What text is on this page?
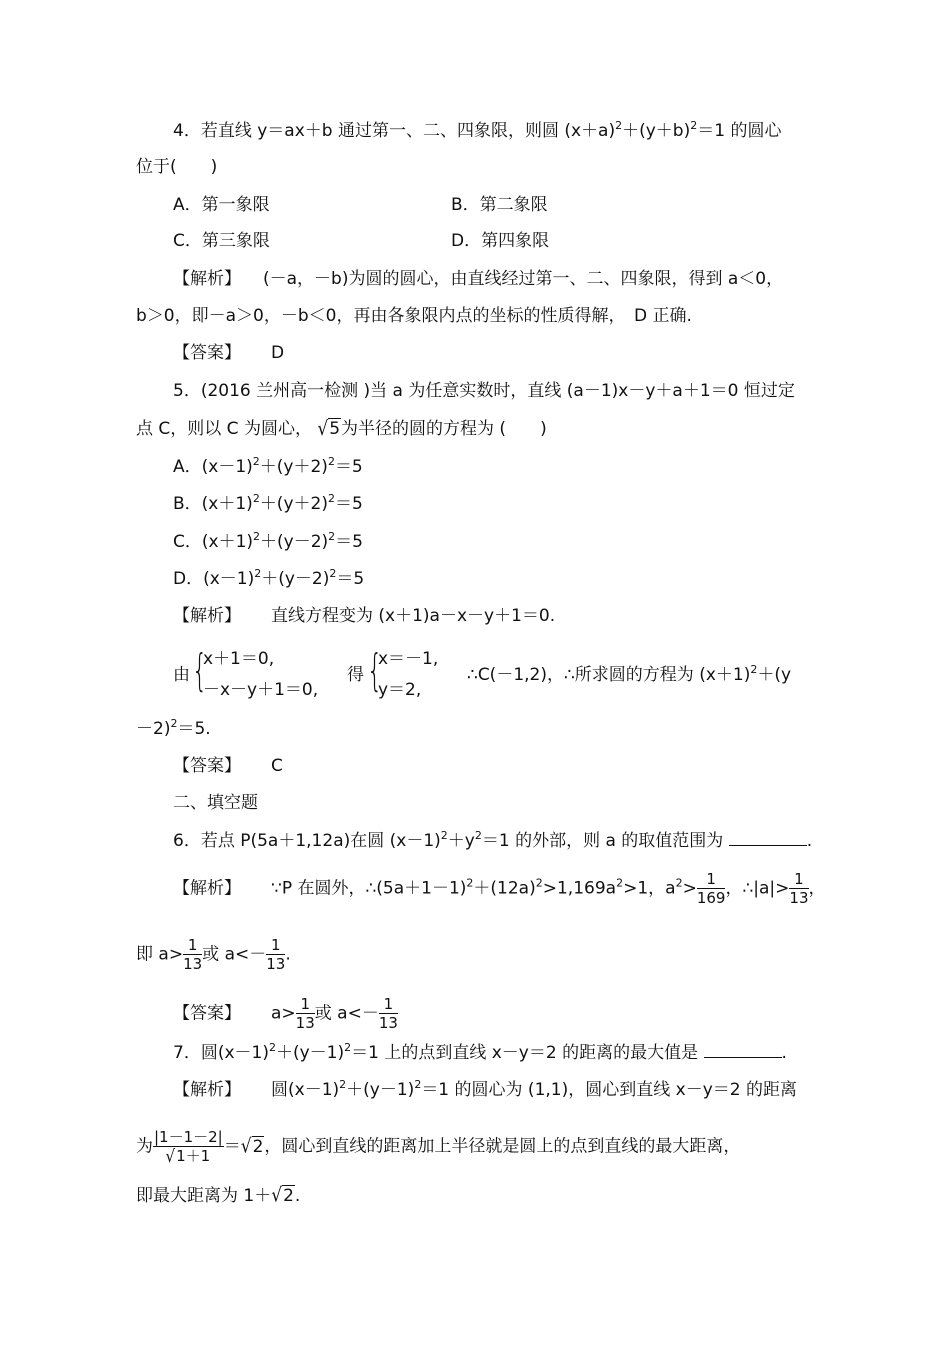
4．若直线 y＝ax＋b 通过第一、二、四象限，则圆 $(x+a)^2+(y+b)^2=1$ 的圆心
位于(　　)
A．第一象限	B．第二象限
C．第三象限	D．第四象限
【解析】 (－a，－b)为圆的圆心，由直线经过第一、二、四象限，得到 a＜0，
b＞0，即－a＞0，－b＜0，再由各象限内点的坐标的性质得解，　D 正确.
【答案】 D
5．(2016 兰州高一检测 )当 a 为任意实数时，直线 (a－1)x－y＋a＋1＝0 恒过定
点 C，则以 C 为圆心， √5为半径的圆的方程为 (　　)
A．$(x-1)^2+(y+2)^2=5$
B．$(x+1)^2+(y+2)^2=5$
C．$(x+1)^2+(y-2)^2=5$
D．$(x-1)^2+(y-2)^2=5$
【解析】 直线方程变为 (x＋1)a－x－y＋1＝0.
由 {
x＋1＝0,
－x－y＋1＝0,
得 {
x＝－1,
y＝2,
∴C(－1,2)，∴所求圆的方程为 $(x+1)^2+(y$
－2)$^2$＝5.
【答案】 C
二、填空题
6．若点 P(5a＋1,12a)在圆 $(x-1)^2+y^2=1$ 的外部，则 a 的取值范围为	.
【解析】 ∵P 在圆外，$\therefore(5a+1-1)^2+(12a)^2>1,169a^2>1$，$a^2> \frac{1}{169}$ ，∴|a|> $\frac{1}{13}$ ，
即 $a> \frac{1}{13}$ 或 $a<- \frac{1}{13}$ .
【答案】 $a> \frac{1}{13}$ 或 $a<- \frac{1}{13}$
7．圆$(x-1)^2+(y-1)^2=1$ 上的点到直线 x－y＝2 的距离的最大值是	.
【解析】 圆$(x-1)^2+(y-1)^2=1$ 的圆心为 (1,1)，圆心到直线 x－y＝2 的距离
为 $\frac{|1-1-2|}{√1+1} =√2$，圆心到直线的距离加上半径就是圆上的点到直线的最大距离，
即最大距离为 1＋√2.
